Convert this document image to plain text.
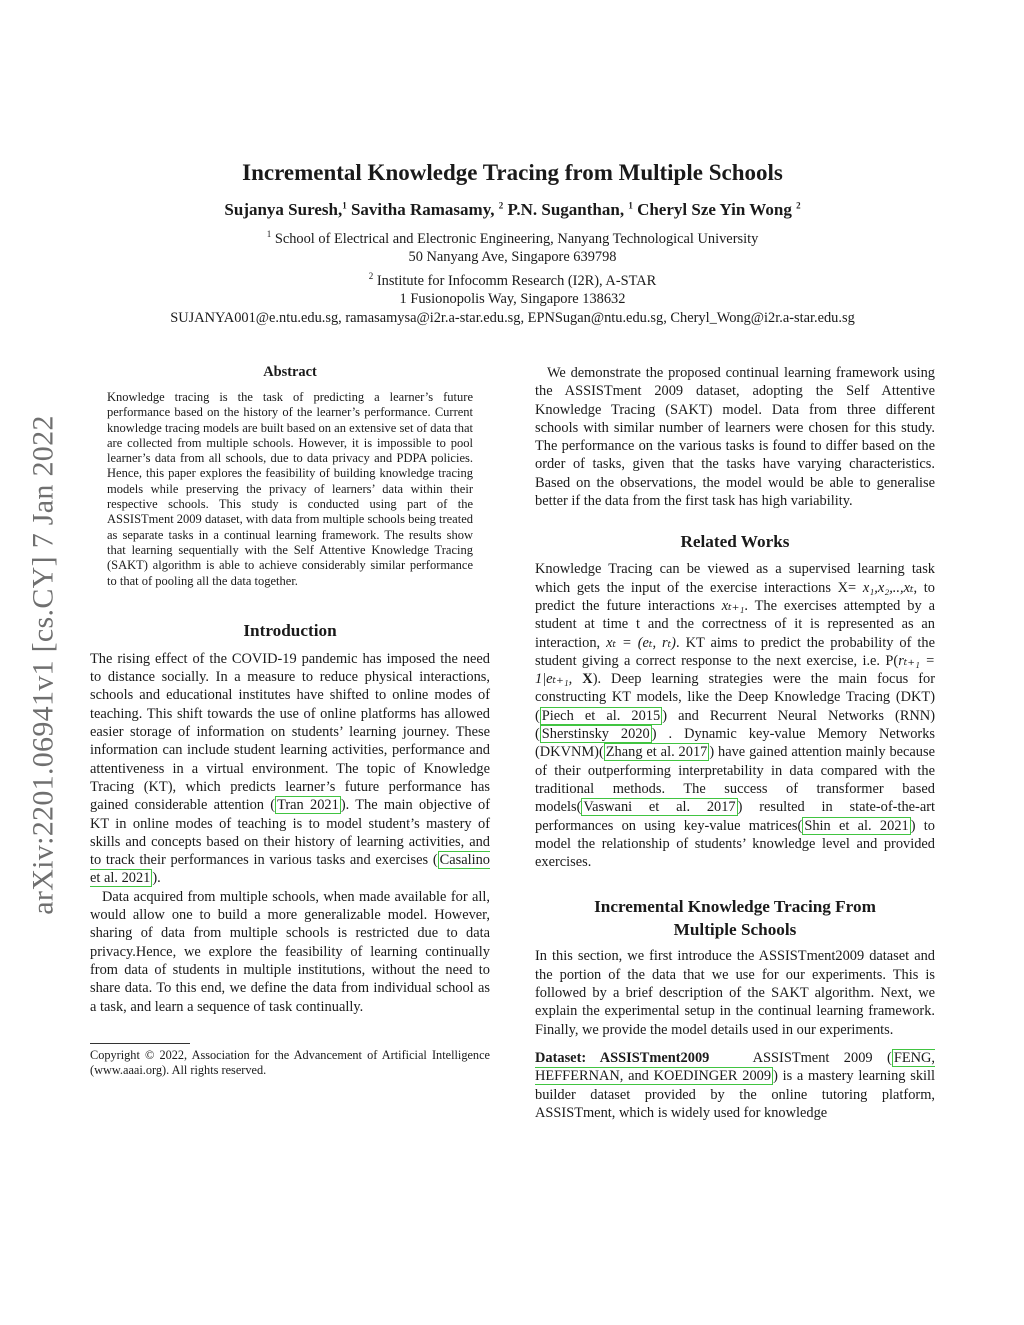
arXiv:2201.06941v1 [cs.CY] 7 Jan 2022
Incremental Knowledge Tracing from Multiple Schools
Sujanya Suresh,$^1$ Savitha Ramasamy, $^2$ P.N. Suganthan, $^1$ Cheryl Sze Yin Wong $^2$
$^1$ School of Electrical and Electronic Engineering, Nanyang Technological University
50 Nanyang Ave, Singapore 639798
$^2$ Institute for Infocomm Research (I2R), A-STAR
1 Fusionopolis Way, Singapore 138632
SUJANYA001@e.ntu.edu.sg, ramasamysa@i2r.a-star.edu.sg, EPNSugan@ntu.edu.sg, Cheryl_Wong@i2r.a-star.edu.sg
Abstract
Knowledge tracing is the task of predicting a learner’s future performance based on the history of the learner’s performance. Current knowledge tracing models are built based on an extensive set of data that are collected from multiple schools. However, it is impossible to pool learner’s data from all schools, due to data privacy and PDPA policies. Hence, this paper explores the feasibility of building knowledge tracing models while preserving the privacy of learners’ data within their respective schools. This study is conducted using part of the ASSISTment 2009 dataset, with data from multiple schools being treated as separate tasks in a continual learning framework. The results show that learning sequentially with the Self Attentive Knowledge Tracing (SAKT) algorithm is able to achieve considerably similar performance to that of pooling all the data together.
Introduction

The rising effect of the COVID-19 pandemic has imposed the need to distance socially. In a measure to reduce physical interactions, schools and educational institutes have shifted to online modes of teaching. This shift towards the use of online platforms has allowed easier storage of information on students’ learning journey. These information can include student learning activities, performance and attentiveness in a virtual environment. The topic of Knowledge Tracing (KT), which predicts learner’s future performance has gained considerable attention ( Tran 2021 ). The main objective of KT in online modes of teaching is to model student’s mastery of skills and concepts based on their history of learning activities, and to track their performances in various tasks and exercises ( Casalino et al. 2021 ).

Data acquired from multiple schools, when made available for all, would allow one to build a more generalizable model. However, sharing of data from multiple schools is restricted due to data privacy.Hence, we explore the feasibility of learning continually from data of students in multiple institutions, without the need to share data. To this end, we define the data from individual school as a task, and learn a sequence of task continually.

Copyright © 2022, Association for the Advancement of Artificial Intelligence (www.aaai.org). All rights reserved.

We demonstrate the proposed continual learning framework using the ASSISTment 2009 dataset, adopting the Self Attentive Knowledge Tracing (SAKT) model. Data from three different schools with similar number of learners were chosen for this study. The performance on the various tasks is found to differ based on the order of tasks, given that the tasks have varying characteristics. Based on the observations, the model would be able to generalise better if the data from the first task has high variability.

Related Works

Knowledge Tracing can be viewed as a supervised learning task which gets the input of the exercise interactions X= x₁,x₂,..,xₜ, to predict the future interactions xₜ₊₁. The exercises attempted by a student at time t and the correctness of it is represented as an interaction, xₜ = (eₜ, rₜ). KT aims to predict the probability of the student giving a correct response to the next exercise, i.e. P(rₜ₊₁ = 1|eₜ₊₁, X). Deep learning strategies were the main focus for constructing KT models, like the Deep Knowledge Tracing (DKT) ( Piech et al. 2015 ) and Recurrent Neural Networks (RNN) ( Sherstinsky 2020 ) . Dynamic key-value Memory Networks (DKVNM)( Zhang et al. 2017 ) have gained attention mainly because of their outperforming interpretability in data compared with the traditional methods. The success of transformer based models( Vaswani et al. 2017 ) resulted in state-of-the-art performances on using key-value matrices( Shin et al. 2021 ) to model the relationship of students’ knowledge level and provided exercises.

Incremental Knowledge Tracing From
Multiple Schools

In this section, we first introduce the ASSISTment2009 dataset and the portion of the data that we use for our experiments. This is followed by a brief description of the SAKT algorithm. Next, we explain the experimental setup in the continual learning framework. Finally, we provide the model details used in our experiments.

Dataset: ASSISTment2009	ASSISTment 2009 ( FENG, HEFFERNAN, and KOEDINGER 2009 ) is a mastery learning skill builder dataset provided by the online tutoring platform, ASSISTment, which is widely used for knowledge
